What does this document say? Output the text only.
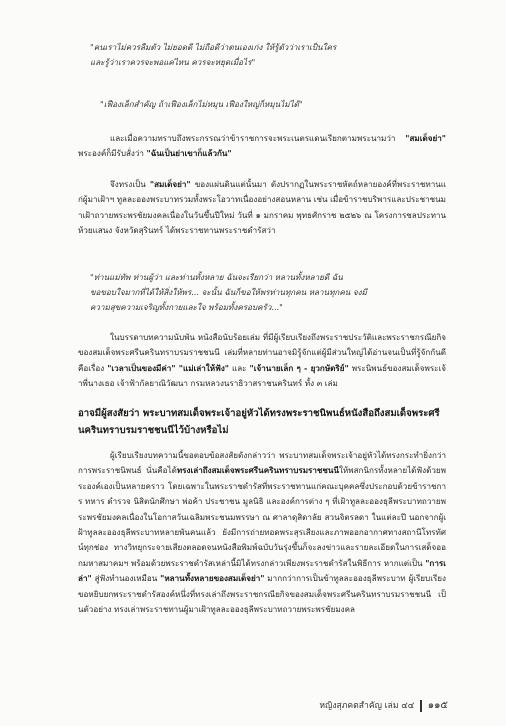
"คนเราไม่ควรลืมตัว ไม่ยอดดี ไม่ถือดีว่าตนเองเก่ง ให้รู้ตัวว่าเราเป็นใคร
และรู้ว่าเราควรจะพอแค่ไหน ควรจะหยุดเมื่อไร"
"เฟืองเล็กสำคัญ ถ้าเฟืองเล็กไม่หมุน เฟืองใหญ่ก็หมุนไม่ได้"
และเมื่อความทราบถึงพระกรรณว่าข้าราชการจะพระเนตรแดนเรียกตามพระนามว่า "สมเด็จย่า" พระองค์ก็มีรับสั่งว่า "ฉันเป็นย่าเขาก็แล้วกัน"
จึงทรงเป็น "สมเด็จย่า" ของแผ่นดินแต่นั้นมา ดังปรากฏในพระราชหัตถ์หลายองค์ที่พระราชทานแก่ผู้มาเฝ้าฯ ทูลละอองพระบาทรวมทั้งพระโอวาทเนื่องอย่างสอนหลาน เช่น เมื่อข้าราชบริพารและประชาชนมาเฝ้าถวายพระพรชัยมงคลเนื่องในวันขึ้นปีใหม่ วันที่ ๑ มกราคม พุทธศักราช ๒๕๒๖ ณ โครงการชลประทานห้วยแสนง จังหวัดสุรินทร์ ได้พระราชทานพระราชดำรัสว่า
"ท่านแม่ทัพ ท่านผู้ว่า และท่านทั้งหลาย ฉันจะเรียกว่า หลานทั้งหลายดี ฉัน
ขอขอบใจมากที่ได้ให้สิ่งให้พร... จะนั้น ฉันก็ขอให้พรท่านทุกคน หลานทุกคน จงมี
ความสุขความเจริญทั้งกายและใจ พร้อมทั้งครอบครัว..."
ในบรรดาบทความนับพัน หนังสือนับร้อยเล่ม ที่มีผู้เรียบเรียงถึงพระราชประวัติและพระราชกรณียกิจของสมเด็จพระศรีนครินทราบรมราชชนนี เล่มที่หลายท่านอาจมิรู้จักแต่ผู้มีส่วนใหญ่ได้อ่านจนเป็นที่รู้จักกันดี คือเรื่อง "เวลาเป็นของมีค่า" "แม่เล่าให้ฟัง" และ "เจ้านายเล็ก ๆ - ยุวกษัตริย์" พระนิพนธ์ของสมเด็จพระเจ้าพี่นางเธอ เจ้าฟ้ากัลยาณิวัฒนา กรมหลวงนราธิวาสราชนครินทร์ ทั้ง ๓ เล่ม
อาจมีผู้สงสัยว่า พระบาทสมเด็จพระเจ้าอยู่หัวได้ทรงพระราชนิพนธ์หนังสือถึงสมเด็จพระศรีนครินทราบรมราชชนนีไว้บ้างหรือไม่
ผู้เรียบเรียงบทความนี้ขอตอบข้อสงสัยดังกล่าวว่า พระบาทสมเด็จพระเจ้าอยู่หัวได้ทรงกระทำยิ่งกว่าการพระราชนิพนธ์ นั่นคือได้ทรงเล่าถึงสมเด็จพระศรีนครินทราบรมราชชนนีให้พสกนิกรทั้งหลายได้ฟังด้วยพระองค์เองเป็นหลายคราว โดยเฉพาะในพระราชดำรัสที่พระราชทานแก่คณะบุคคลซึ่งประกอบด้วยข้าราชการ ทหาร ตำรวจ นิสิตนักศึกษา พ่อค้า ประชาชน มูลนิธิ และองค์การต่าง ๆ ที่เฝ้าทูลละอองธุลีพระบาทถวายพระพรชัยมงคลเนื่องในโอกาสวันเฉลิมพระชนมพรรษา ณ ศาลาดุสิดาลัย สวนจิตรลดา ในแต่ละปี นอกจากผู้เฝ้าทูลละอองธุลีพระบาทหลายพันคนแล้ว ยังมีการถ่ายทอดพระสุรเสียงและภาพออกอากาศทางสถานีโทรทัศน์ทุกช่อง ทางวิทยุกระจายเสียงตลอดจนหนังสือพิมพ์ฉบับวันรุ่งขึ้นก็จะลงข่าวและรายละเอียดในการเสด็จออกมหาสมาคมฯ พร้อมด้วยพระราชดำรัสเหล่านี้มิได้ทรงกล่าวเพียงพระราชดำรัสในพิธีการ หากแต่เป็น "การเล่า" สู่ฟังทำนองเหมือน "หลานทั้งหลายของสมเด็จย่า" มากกว่าการเป็นข้าทูลละอองธุลีพระบาท ผู้เรียบเรียงขอหยิบยกพระราชดำรัสองค์หนึ่งที่ทรงเล่าถึงพระราชกรณียกิจของสมเด็จพระศรีนครินทราบรมราชชนนี เป็นตัวอย่าง ทรงเล่าพระราชทานผู้มาเฝ้าทูลละอองธุลีพระบาทถวายพระพรชัยมงคล
หญิงสุภคตสำคัญ เล่ม ๔๔ ๑๑๕
